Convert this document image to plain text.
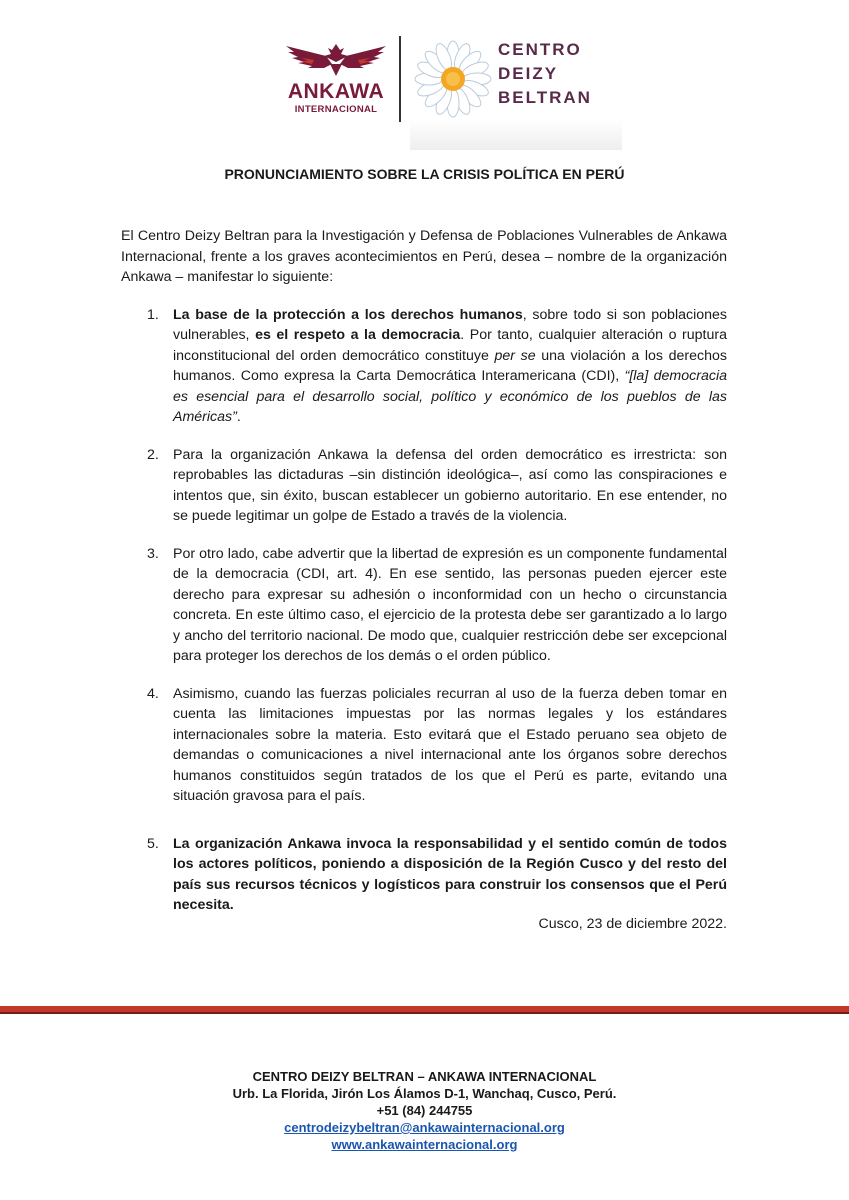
ANKAWA
INTERNACIONAL
CENTRO
DEIZY
BELTRAN
PRONUNCIAMIENTO SOBRE LA CRISIS POLÍTICA EN PERÚ

El Centro Deizy Beltran para la Investigación y Defensa de Poblaciones Vulnerables de Ankawa Internacional, frente a los graves acontecimientos en Perú, desea – nombre de la organización Ankawa – manifestar lo siguiente:

1. La base de la protección a los derechos humanos, sobre todo si son poblaciones vulnerables, es el respeto a la democracia. Por tanto, cualquier alteración o ruptura inconstitucional del orden democrático constituye per se una violación a los derechos humanos. Como expresa la Carta Democrática Interamericana (CDI), “[la] democracia es esencial para el desarrollo social, político y económico de los pueblos de las Américas”.
2. Para la organización Ankawa la defensa del orden democrático es irrestricta: son reprobables las dictaduras –sin distinción ideológica–, así como las conspiraciones e intentos que, sin éxito, buscan establecer un gobierno autoritario. En ese entender, no se puede legitimar un golpe de Estado a través de la violencia.
3. Por otro lado, cabe advertir que la libertad de expresión es un componente fundamental de la democracia (CDI, art. 4). En ese sentido, las personas pueden ejercer este derecho para expresar su adhesión o inconformidad con un hecho o circunstancia concreta. En este último caso, el ejercicio de la protesta debe ser garantizado a lo largo y ancho del territorio nacional. De modo que, cualquier restricción debe ser excepcional para proteger los derechos de los demás o el orden público.
4. Asimismo, cuando las fuerzas policiales recurran al uso de la fuerza deben tomar en cuenta las limitaciones impuestas por las normas legales y los estándares internacionales sobre la materia. Esto evitará que el Estado peruano sea objeto de demandas o comunicaciones a nivel internacional ante los órganos sobre derechos humanos constituidos según tratados de los que el Perú es parte, evitando una situación gravosa para el país.
5. La organización Ankawa invoca la responsabilidad y el sentido común de todos los actores políticos, poniendo a disposición de la Región Cusco y del resto del país sus recursos técnicos y logísticos para construir los consensos que el Perú necesita.
Cusco, 23 de diciembre 2022.
CENTRO DEIZY BELTRAN – ANKAWA INTERNACIONAL
Urb. La Florida, Jirón Los Álamos D-1, Wanchaq, Cusco, Perú.
+51 (84) 244755
centrodeizybeltran@ankawainternacional.org
www.ankawainternacional.org
